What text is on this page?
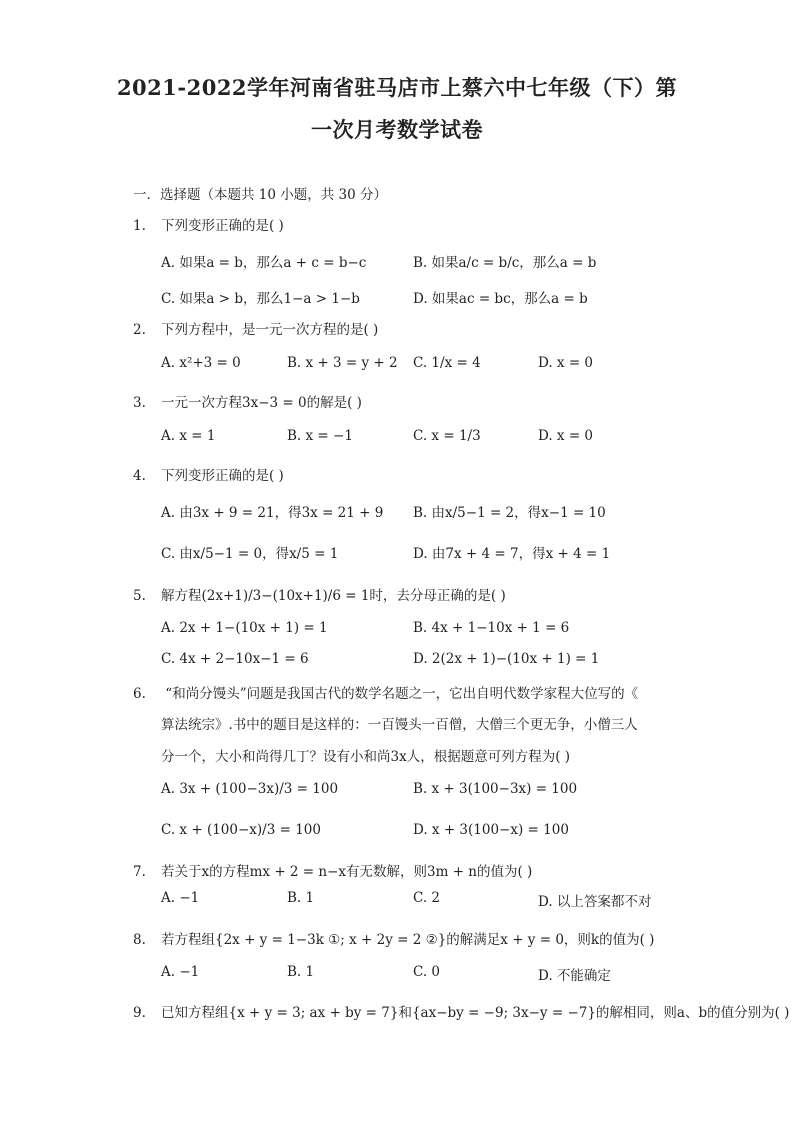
2021-2022学年河南省驻马店市上蔡六中七年级（下）第
一次月考数学试卷
一．选择题（本题共 10 小题，共 30 分）
1. 下列变形正确的是( )
A. 如果a = b，那么a + c = b−c	B. 如果a/c = b/c，那么a = b
C. 如果a > b，那么1−a > 1−b	D. 如果ac = bc，那么a = b
2. 下列方程中，是一元一次方程的是( )
A. x²+3 = 0	B. x + 3 = y + 2 C. 1/x = 4	D. x = 0
3. 一元一次方程3x−3 = 0的解是( )
A. x = 1	B. x = −1	C. x = 1/3	D. x = 0
4. 下列变形正确的是( )
A. 由3x + 9 = 21，得3x = 21 + 9 B. 由x/5−1 = 2，得x−1 = 10
C. 由x/5−1 = 0，得x/5 = 1	D. 由7x + 4 = 7，得x + 4 = 1
5. 解方程(2x+1)/3−(10x+1)/6 = 1时，去分母正确的是( )
A. 2x + 1−(10x + 1) = 1	B. 4x + 1−10x + 1 = 6
C. 4x + 2−10x−1 = 6	D. 2(2x + 1)−(10x + 1) = 1
6. “和尚分馒头”问题是我国古代的数学名题之一，它出自明代数学家程大位写的《
算法统宗》.书中的题目是这样的：一百馒头一百僧，大僧三个更无争，小僧三人
分一个，大小和尚得几丁？设有小和尚3x人，根据题意可列方程为( )
A. 3x + (100−3x)/3 = 100	B. x + 3(100−3x) = 100
C. x + (100−x)/3 = 100	D. x + 3(100−x) = 100
7. 若关于x的方程mx + 2 = n−x有无数解，则3m + n的值为( )
A. −1	B. 1	C. 2	D. 以上答案都不对
8. 若方程组{2x + y = 1−3k ①; x + 2y = 2 ②}的解满足x + y = 0，则k的值为( )
A. −1	B. 1	C. 0	D. 不能确定
9. 已知方程组{x + y = 3; ax + by = 7}和{ax−by = −9; 3x−y = −7}的解相同，则a、b的值分别为( )
